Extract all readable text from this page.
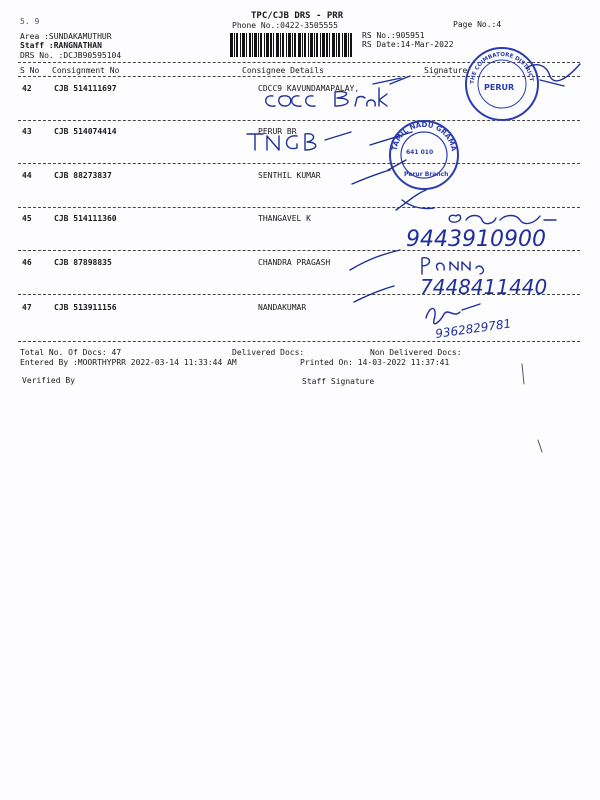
5. 9
TPC/CJB DRS - PRR
Phone No.:0422-3505555	Page No.:4
Area :SUNDAKAMUTHUR
Staff :RANGNATHAN
DRS No. :DCJB90595104
RS No.:905951
RS Date:14-Mar-2022
S No Consignment No	Consignee Details	Signature
42	CJB 514111697	CDCC9 KAVUNDAMAPALAY,
43	CJB 514074414	PERUR BR
44	CJB 88273837	SENTHIL KUMAR
45	CJB 514111360	THANGAVEL K
46	CJB 87898835	CHANDRA PRAGASH
47	CJB 513911156	NANDAKUMAR
Total No. Of Docs: 47	Delivered Docs:	Non Delivered Docs:
Entered By :MOORTHYPRR 2022-03-14 11:33:44 AM	Printed On: 14-03-2022 11:37:41
Verified By	Staff Signature
TAMIL NADU GRAMA BANK
641 010
Perur Branch
THE COIMBATORE DISTRICT CENTRAL
PERUR
9443910900
7448411440
9362829781
